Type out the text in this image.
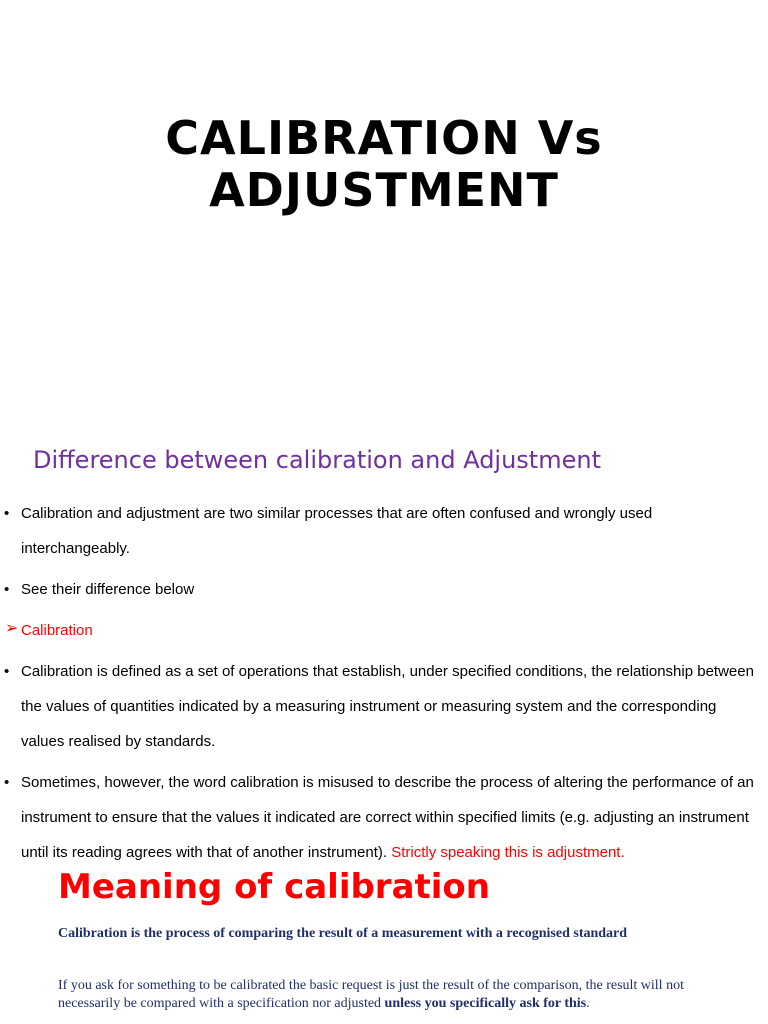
CALIBRATION Vs
ADJUSTMENT
Difference between calibration and Adjustment
• Calibration and adjustment are two similar processes that are often confused and wrongly used interchangeably.
• See their difference below
➢ Calibration
• Calibration is defined as a set of operations that establish, under specified conditions, the relationship between the values of quantities indicated by a measuring instrument or measuring system and the corresponding values realised by standards.
• Sometimes, however, the word calibration is misused to describe the process of altering the performance of an instrument to ensure that the values it indicated are correct within specified limits (e.g. adjusting an instrument until its reading agrees with that of another instrument). Strictly speaking this is adjustment.
Meaning of calibration
Calibration is the process of comparing the result of a measurement with a recognised standard
If you ask for something to be calibrated the basic request is just the result of the comparison, the result will not necessarily be compared with a specification nor adjusted unless you specifically ask for this.
